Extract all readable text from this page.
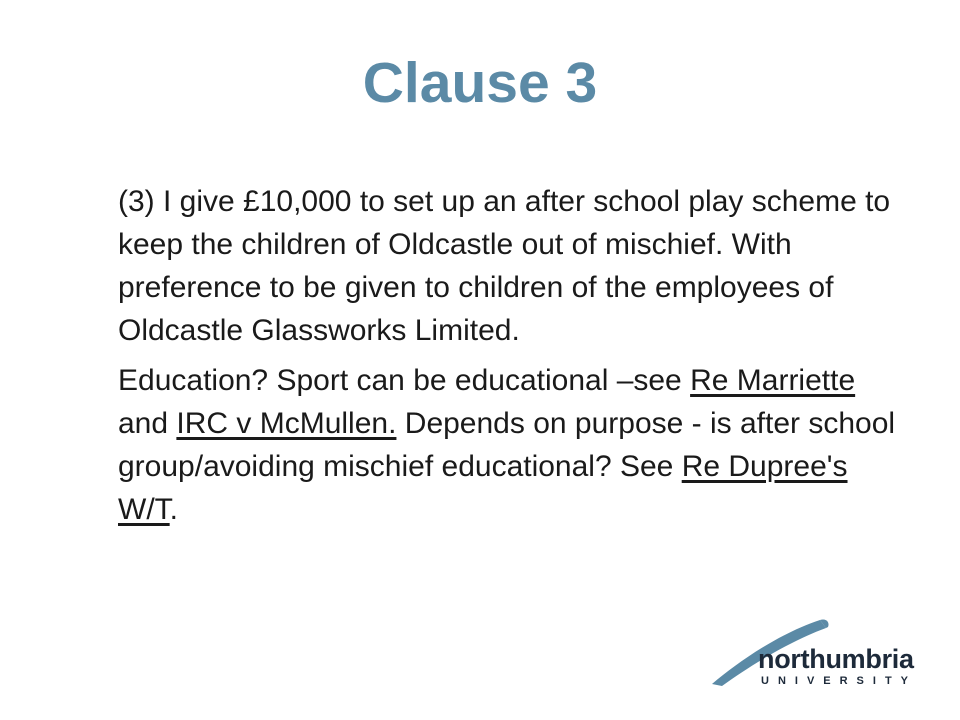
Clause 3

(3) I give £10,000 to set up an after school play scheme to keep the children of Oldcastle out of mischief. With preference to be given to children of the employees of Oldcastle Glassworks Limited.

Education? Sport can be educational –see Re Marriette and IRC v McMullen. Depends on purpose - is after school group/avoiding mischief educational? See Re Dupree's W/T.

northumbria
UNIVERSITY
